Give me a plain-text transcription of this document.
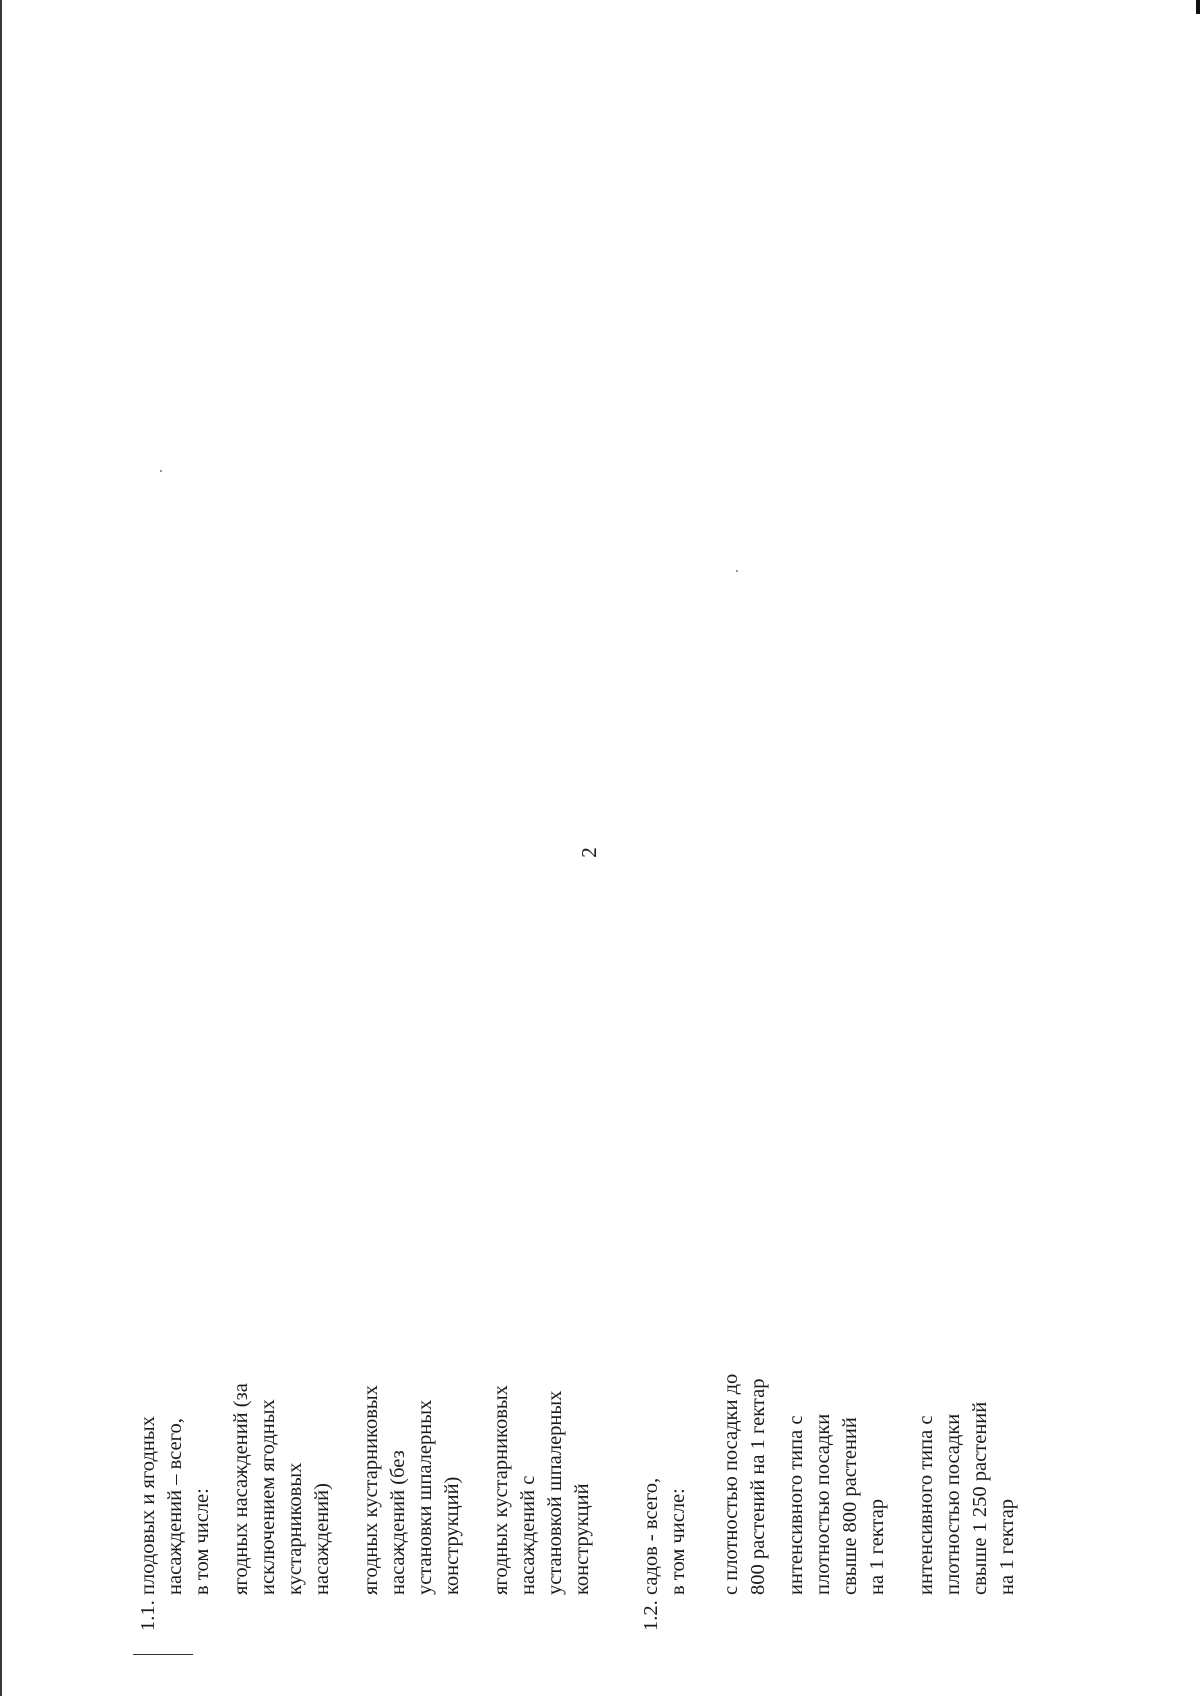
2
1.1.
плодовых и ягодных
насаждений – всего,
в том числе:
ягодных насаждений (за
исключением ягодных
кустарниковых
насаждений) ягодных кустарниковых
насаждений (без
установки шпалерных
конструкций) ягодных кустарниковых
насаждений с
установкой шпалерных
конструкций
1.2.
садов - всего,
в том числе:
с плотностью посадки до
800 растений на 1 гектар
интенсивного типа с
плотностью посадки
свыше 800 растений
на 1 гектар интенсивного типа с
плотностью посадки
свыше 1 250 растений
на 1 гектар
